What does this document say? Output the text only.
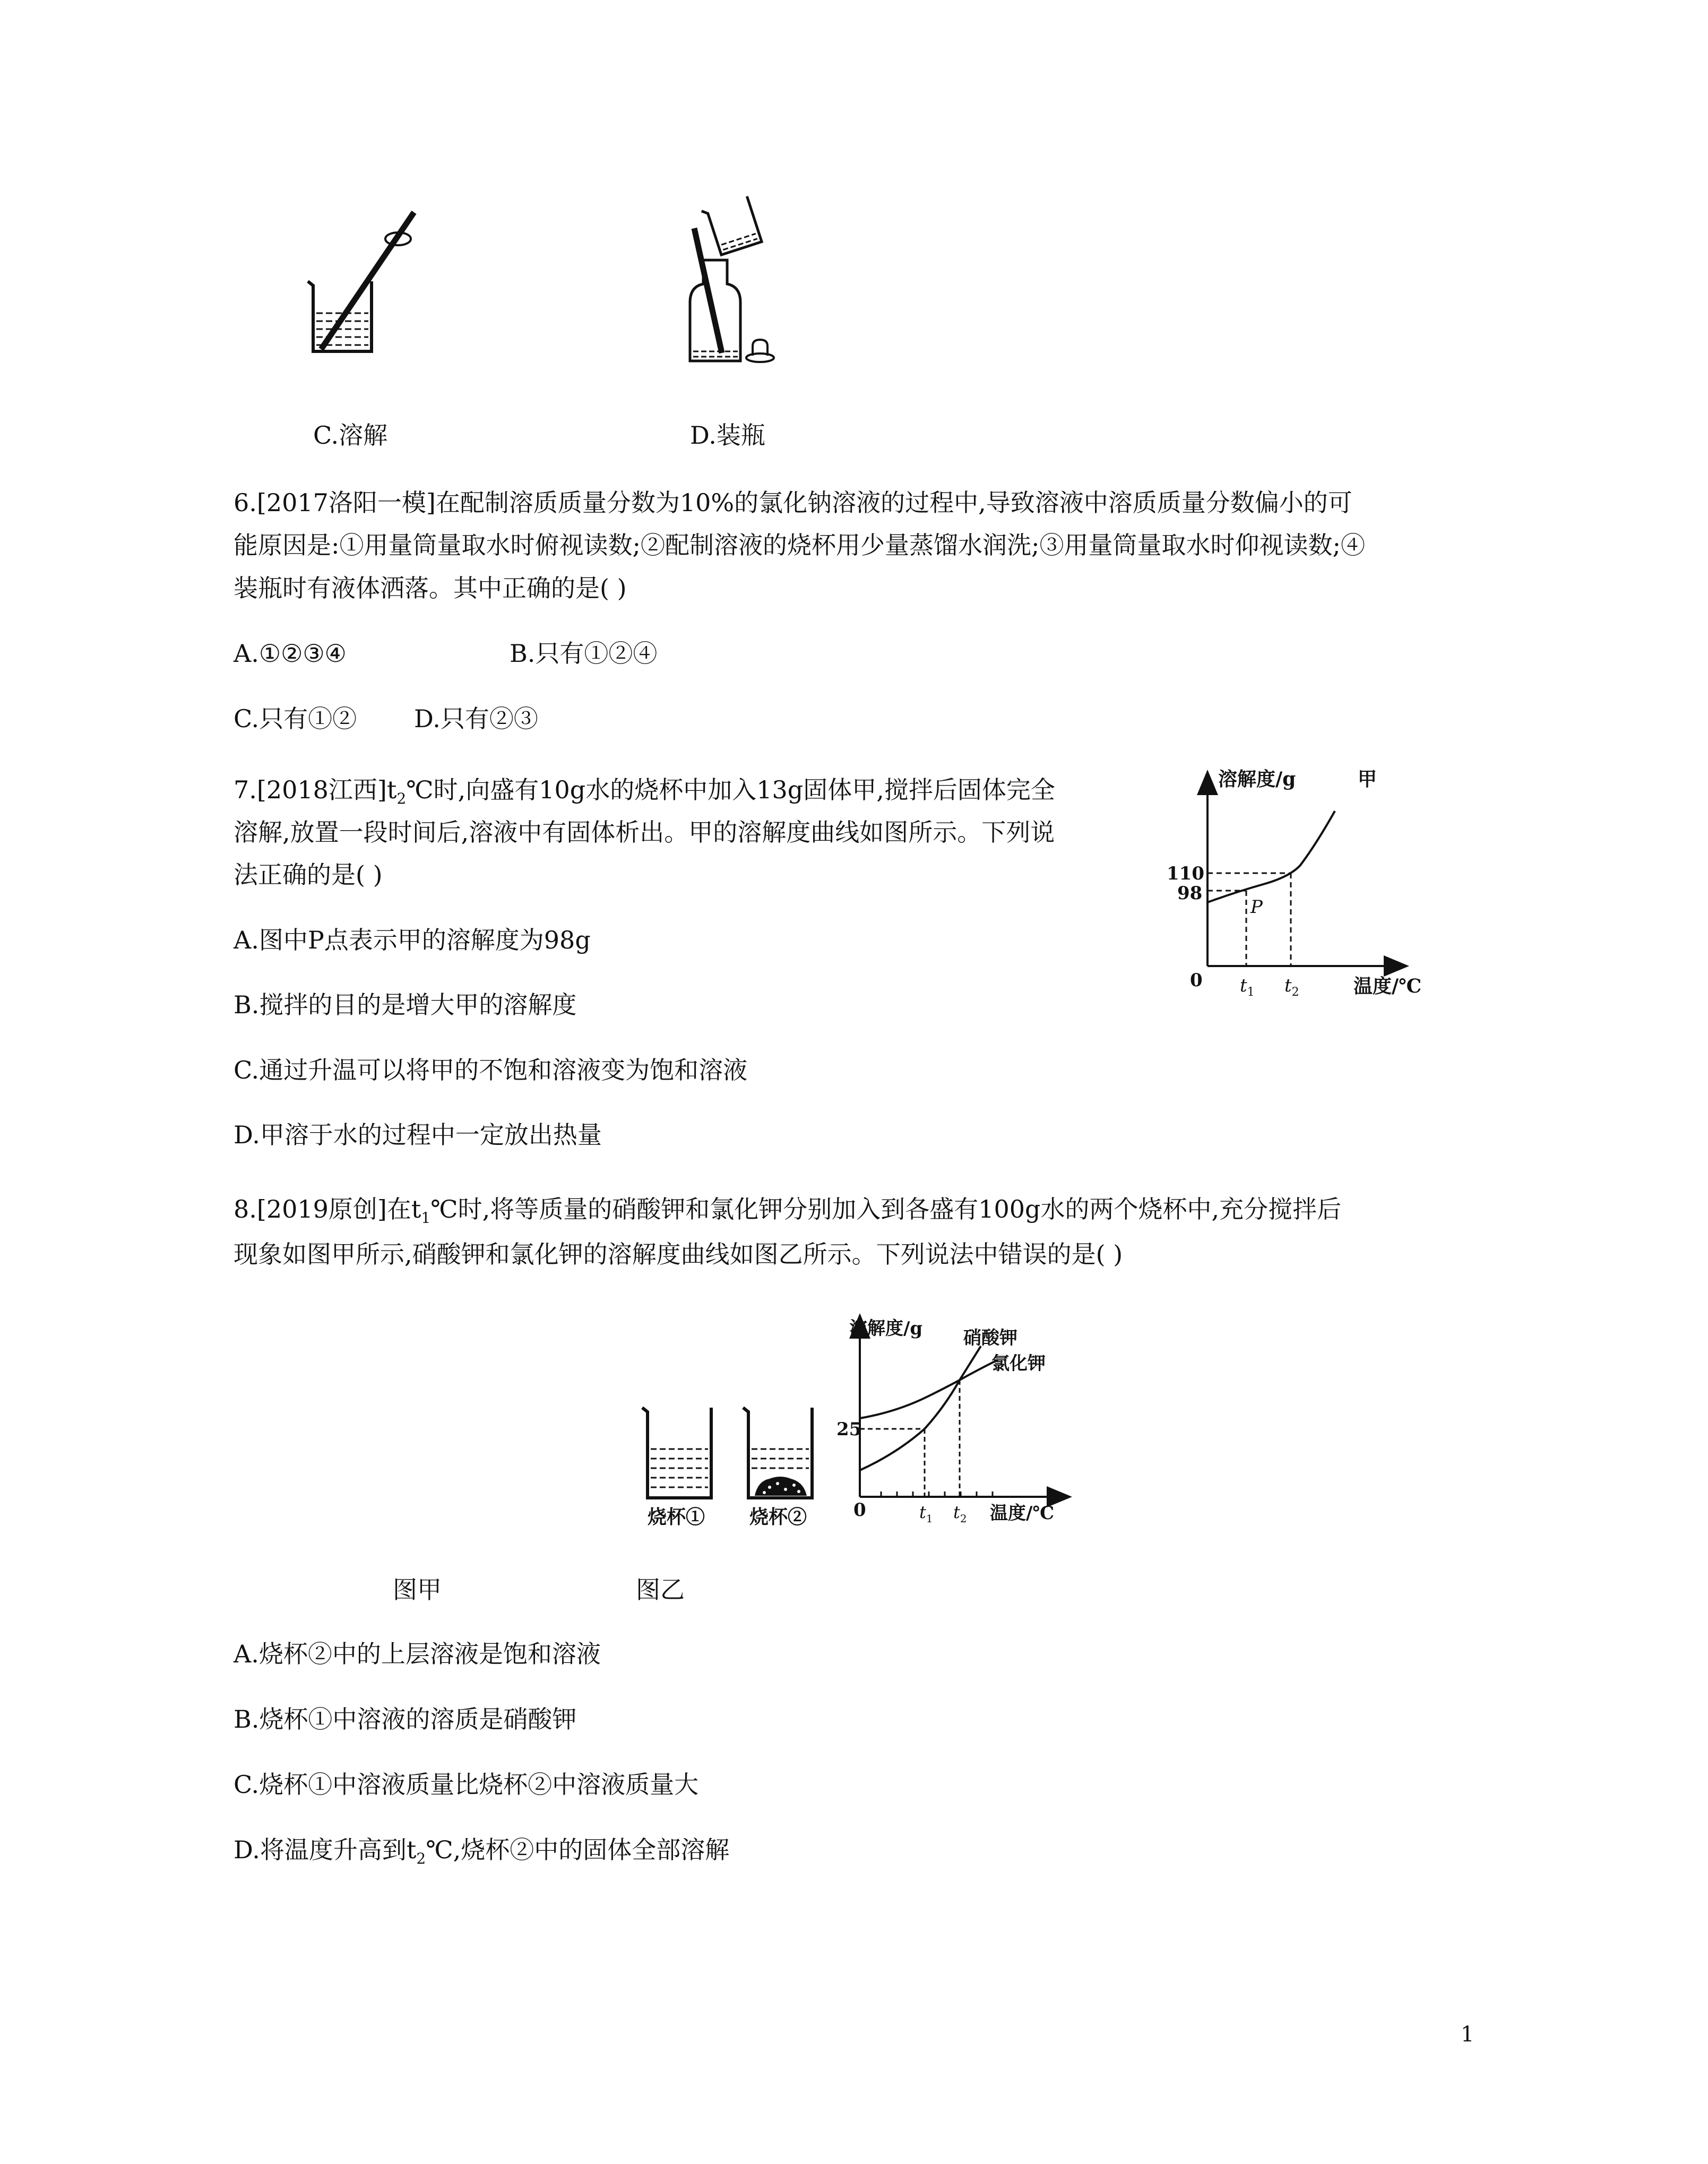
C.溶解	D.装瓶
6.[2017洛阳一模]在配制溶质质量分数为10%的氯化钠溶液的过程中,导致溶液中溶质质量分数偏小的可
能原因是:①用量筒量取水时俯视读数;②配制溶液的烧杯用少量蒸馏水润洗;③用量筒量取水时仰视读数;④
装瓶时有液体洒落。其中正确的是( )
A.①②③④	B.只有①②④
C.只有①② D.只有②③
7.[2018江西]$t_2℃$时,向盛有10g水的烧杯中加入13g固体甲,搅拌后固体完全
溶解,放置一段时间后,溶液中有固体析出。甲的溶解度曲线如图所示。下列说
法正确的是( )
A.图中P点表示甲的溶解度为98g
B.搅拌的目的是增大甲的溶解度
C.通过升温可以将甲的不饱和溶液变为饱和溶液
D.甲溶于水的过程中一定放出热量
溶解度/g	甲
110
98
P
0 $t_1$ $t_2$	温度/℃
8.[2019原创]在$t_1℃$时,将等质量的硝酸钾和氯化钾分别加入到各盛有100g水的两个烧杯中,充分搅拌后
现象如图甲所示,硝酸钾和氯化钾的溶解度曲线如图乙所示。下列说法中错误的是( )
烧杯① 烧杯②
溶解度/g 硝酸钾
氯化钾
25
0	$t_1$ $t_2$ 温度/℃
图甲	图乙
A.烧杯②中的上层溶液是饱和溶液
B.烧杯①中溶液的溶质是硝酸钾
C.烧杯①中溶液质量比烧杯②中溶液质量大
D.将温度升高到$t_2℃$,烧杯②中的固体全部溶解
1
